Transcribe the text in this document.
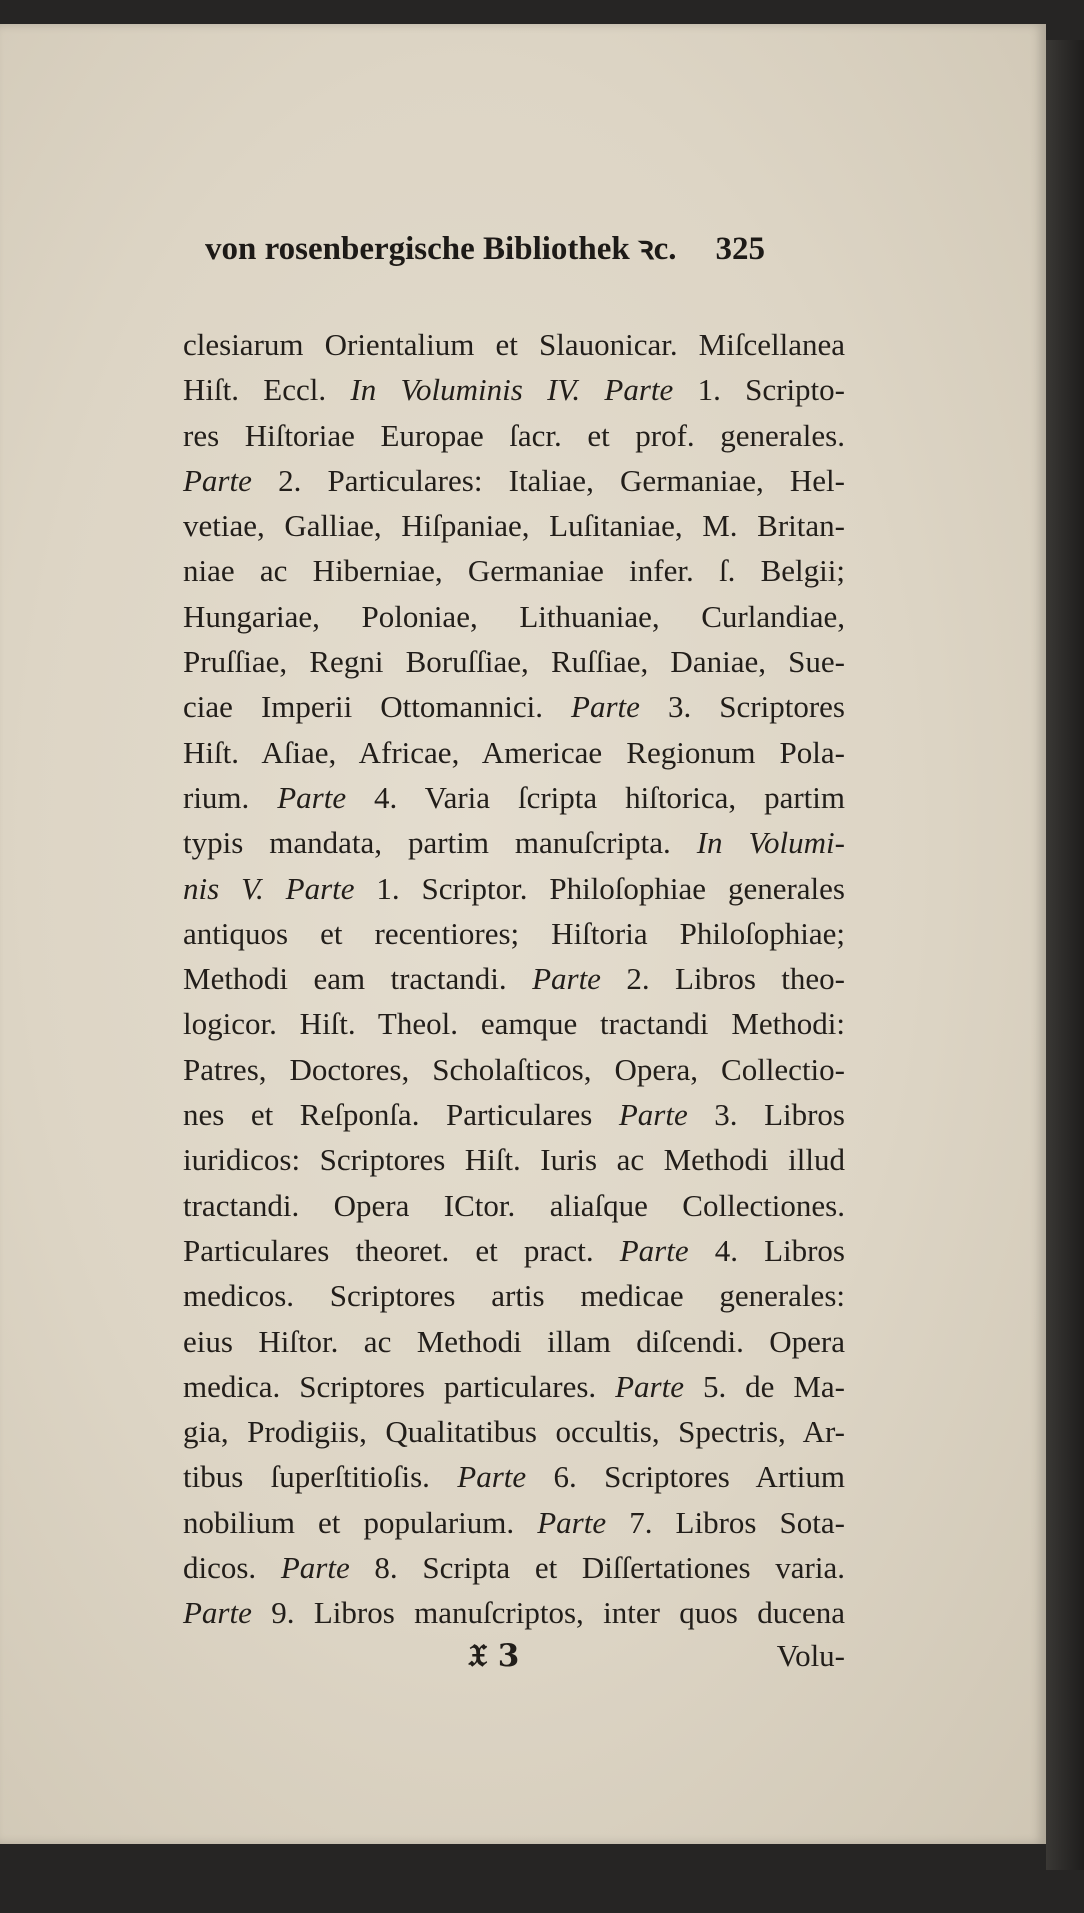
von rosenbergische Bibliothek ꝛc. 325
clesiarum Orientalium et Slauonicar. Miſcellanea
Hiſt. Eccl. In Voluminis IV. Parte 1. Scripto-
res Hiſtoriae Europae ſacr. et prof. generales.
Parte 2. Particulares: Italiae, Germaniae, Hel-
vetiae, Galliae, Hiſpaniae, Luſitaniae, M. Britan-
niae ac Hiberniae, Germaniae infer. ſ. Belgii;
Hungariae, Poloniae, Lithuaniae, Curlandiae,
Pruſſiae, Regni Boruſſiae, Ruſſiae, Daniae, Sue-
ciae Imperii Ottomannici. Parte 3. Scriptores
Hiſt. Aſiae, Africae, Americae Regionum Pola-
rium. Parte 4. Varia ſcripta hiſtorica, partim
typis mandata, partim manuſcripta. In Volumi-
nis V. Parte 1. Scriptor. Philoſophiae generales
antiquos et recentiores; Hiſtoria Philoſophiae;
Methodi eam tractandi. Parte 2. Libros theo-
logicor. Hiſt. Theol. eamque tractandi Methodi:
Patres, Doctores, Scholaſticos, Opera, Collectio-
nes et Reſponſa. Particulares Parte 3. Libros
iuridicos: Scriptores Hiſt. Iuris ac Methodi illud
tractandi. Opera ICtor. aliaſque Collectiones.
Particulares theoret. et pract. Parte 4. Libros
medicos. Scriptores artis medicae generales:
eius Hiſtor. ac Methodi illam diſcendi. Opera
medica. Scriptores particulares. Parte 5. de Ma-
gia, Prodigiis, Qualitatibus occultis, Spectris, Ar-
tibus ſuperſtitioſis. Parte 6. Scriptores Artium
nobilium et popularium. Parte 7. Libros Sota-
dicos. Parte 8. Scripta et Diſſertationes varia.
Parte 9. Libros manuſcriptos, inter quos ducena
𝔛 3	Volu-
